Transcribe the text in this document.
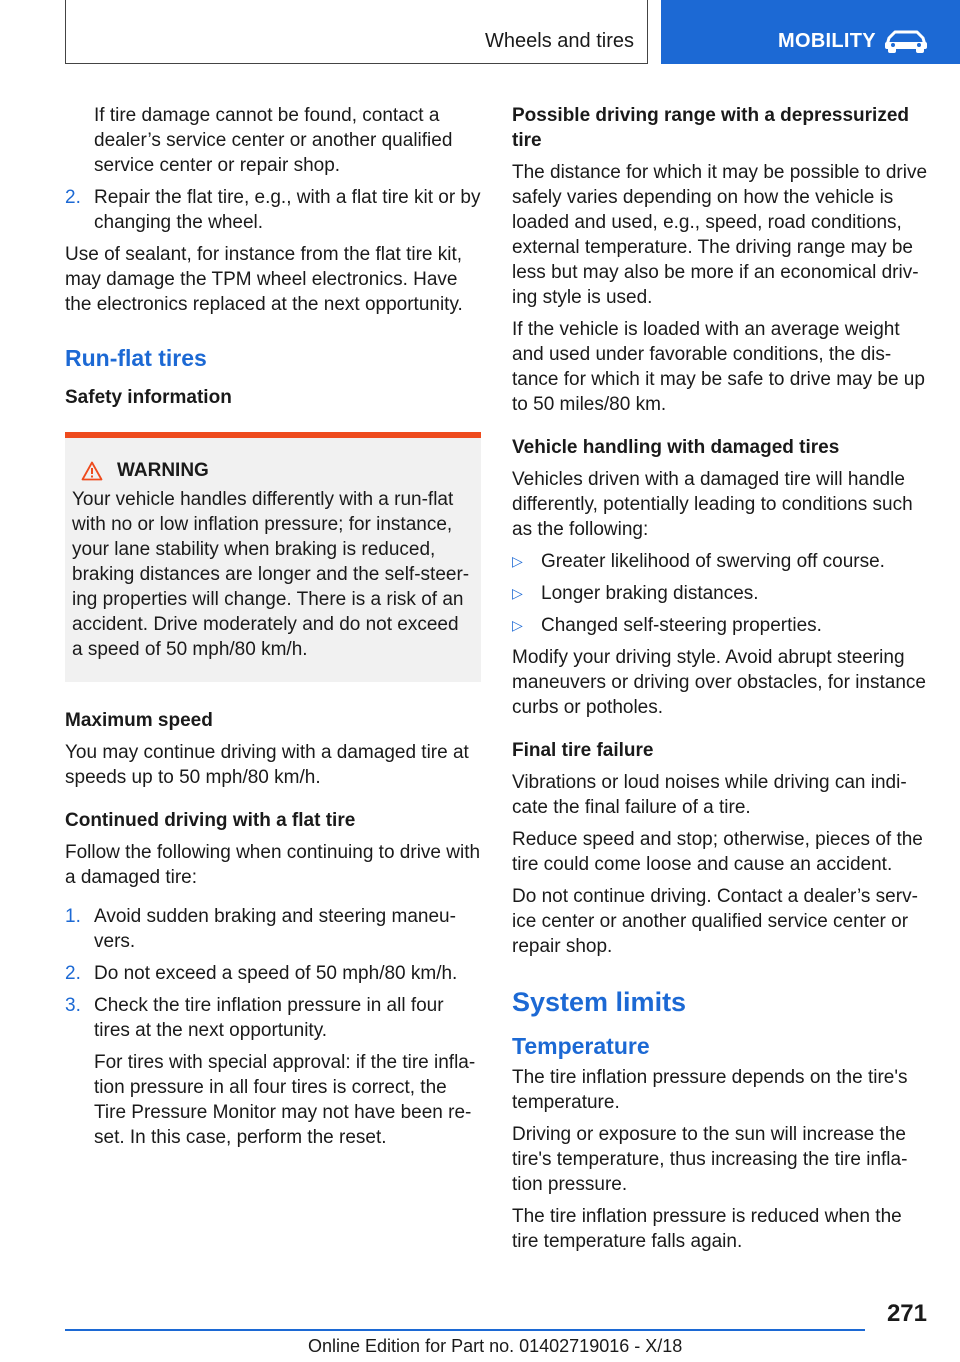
Wheels and tires	MOBILITY

If tire damage cannot be found, contact a dealer’s service center or another qualified service center or repair shop.

2. Repair the flat tire, e.g., with a flat tire kit or by changing the wheel.

Use of sealant, for instance from the flat tire kit, may damage the TPM wheel electronics. Have the electronics replaced at the next opportunity.

Run-flat tires
Safety information
WARNING
Your vehicle handles differently with a run-flat with no or low inflation pressure; for instance, your lane stability when braking is reduced, braking distances are longer and the self-steer‐ing properties will change. There is a risk of an accident. Drive moderately and do not exceed a speed of 50 mph/80 km/h.
Maximum speed

You may continue driving with a damaged tire at speeds up to 50 mph/80 km/h.

Continued driving with a flat tire

Follow the following when continuing to drive with a damaged tire:

1. Avoid sudden braking and steering maneu‐vers.
2. Do not exceed a speed of 50 mph/80 km/h.
3. Check the tire inflation pressure in all four tires at the next opportunity.

For tires with special approval: if the tire infla‐tion pressure in all four tires is correct, the Tire Pressure Monitor may not have been re‐set. In this case, perform the reset.

Possible driving range with a depressurized tire

The distance for which it may be possible to drive safely varies depending on how the vehicle is loaded and used, e.g., speed, road conditions, external temperature. The driving range may be less but may also be more if an economical driv‐ing style is used.

If the vehicle is loaded with an average weight and used under favorable conditions, the dis‐tance for which it may be safe to drive may be up to 50 miles/80 km.

Vehicle handling with damaged tires

Vehicles driven with a damaged tire will handle differently, potentially leading to conditions such as the following:

▷ Greater likelihood of swerving off course.
▷ Longer braking distances.
▷ Changed self-steering properties.

Modify your driving style. Avoid abrupt steering maneuvers or driving over obstacles, for instance curbs or potholes.

Final tire failure

Vibrations or loud noises while driving can indi‐cate the final failure of a tire.

Reduce speed and stop; otherwise, pieces of the tire could come loose and cause an accident.

Do not continue driving. Contact a dealer’s serv‐ice center or another qualified service center or repair shop.

System limits
Temperature

The tire inflation pressure depends on the tire's temperature.

Driving or exposure to the sun will increase the tire's temperature, thus increasing the tire infla‐tion pressure.

The tire inflation pressure is reduced when the tire temperature falls again.

271
Online Edition for Part no. 01402719016 - X/18
